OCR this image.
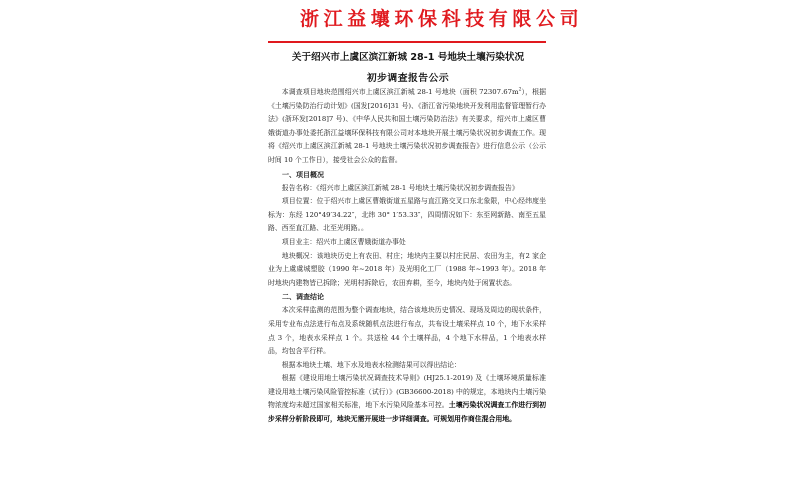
浙江益壤环保科技有限公司
关于绍兴市上虞区滨江新城 28-1 号地块土壤污染状况
初步调查报告公示

本调查项目地块范围绍兴市上虞区滨江新城 28-1 号地块（面积 $72307.67m^2$），根据《土壤污染防治行动计划》(国发[2016]31 号)、《浙江省污染地块开发利用监督管理暂行办法》(浙环发[2018]7 号)、《中华人民共和国土壤污染防治法》有关要求，绍兴市上虞区曹娥街道办事处委托浙江益壤环保科技有限公司对本地块开展土壤污染状况初步调查工作。现将《绍兴市上虞区滨江新城 28-1 号地块土壤污染状况初步调查报告》进行信息公示（公示时间 10 个工作日），接受社会公众的监督。

一、项目概况

报告名称：《绍兴市上虞区滨江新城 28-1 号地块土壤污染状况初步调查报告》

项目位置：位于绍兴市上虞区曹娥街道五星路与直江路交叉口东北象限，中心经纬度坐标为：东经 120°49′34.22″，北纬 30° 1′53.33″，四周情况如下：东至网新路、南至五星路、西至直江路、北至光明路。。

项目业主：绍兴市上虞区曹娥街道办事处

地块概况：该地块历史上有农田、村庄；地块内主要以村庄民居、农田为主，有2 家企业为上虞虞城塑胶（1990 年~2018 年）及光明化工厂（1988 年~1993 年）。2018 年时地块内建物皆已拆除；光明村拆除后，农田弃耕，至今，地块内处于闲置状态。

二、调查结论

本次采样监测的范围为整个调查地块，结合该地块历史情况、现场及周边的现状条件，采用专业布点法进行布点及系统随机点法进行布点，共布设土壤采样点 10 个，地下水采样点 3 个，地表水采样点 1 个。共送检 44 个土壤样品，4 个地下水样品，1 个地表水样品，均包含平行样。

根据本地块土壤、地下水及地表水检测结果可以得出结论：

根据《建设用地土壤污染状况调查技术导则》(HJ25.1-2019) 及《土壤环境质量标准 建设用地土壤污染风险管控标准（试行）》(GB36600-2018) 中的规定，本地块内土壤污染物浓度均未超过国家相关标准，地下水污染风险基本可控。土壤污染状况调查工作进行到初步采样分析阶段即可，地块无需开展进一步详细调查。可规划用作商住混合用地。
